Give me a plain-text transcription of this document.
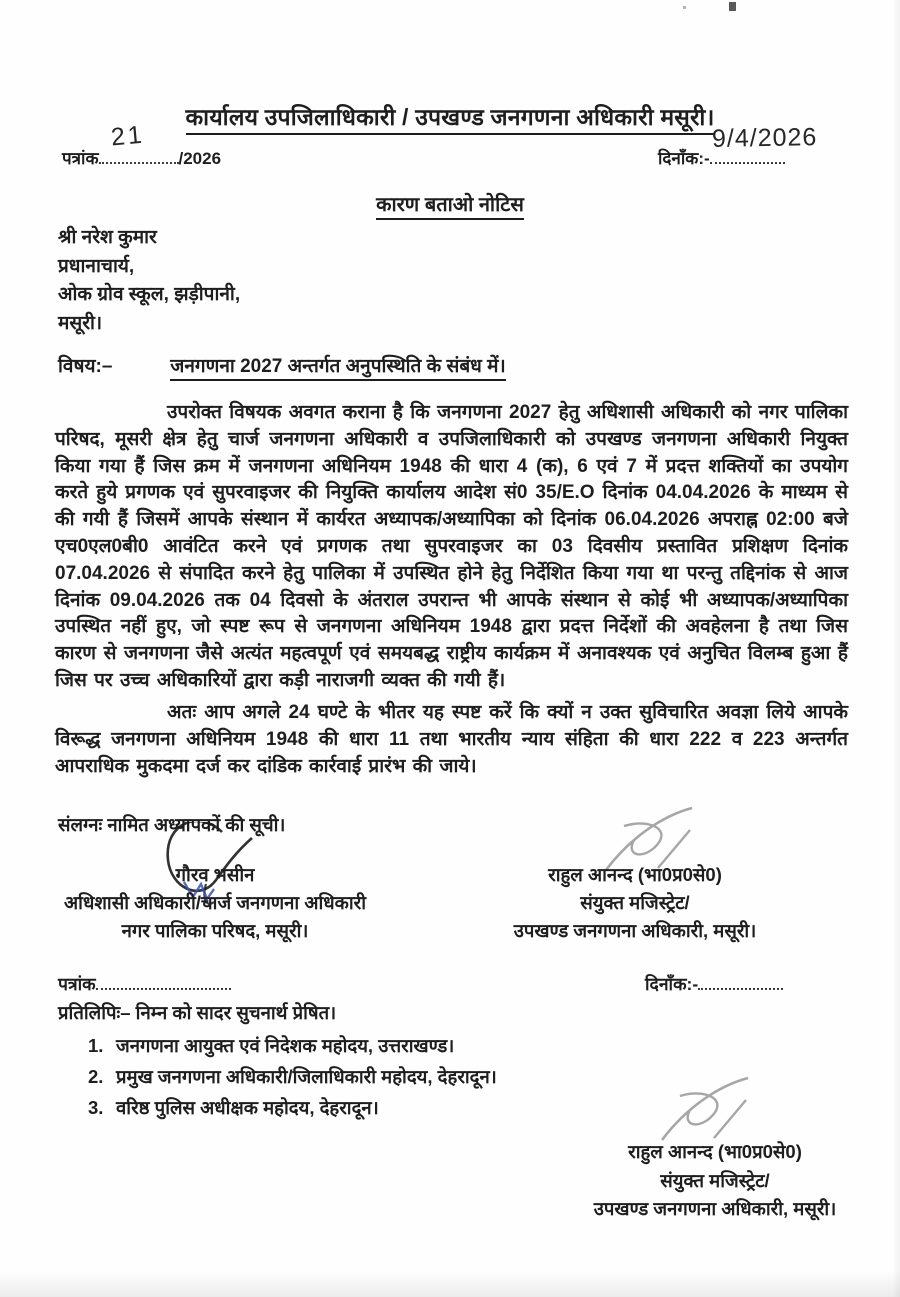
कार्यालय उपजिलाधिकारी / उपखण्ड जनगणना अधिकारी मसूरी।
पत्रांक
21
/2026	दिनाँक:-
9/4/2026
कारण बताओ नोटिस
श्री नरेश कुमार
प्रधानाचार्य,
ओक ग्रोव स्कूल, झड़ीपानी,
मसूरी।
विषय:–	जनगणना 2027 अन्तर्गत अनुपस्थिति के संबंध में।
उपरोक्त विषयक अवगत कराना है कि जनगणना 2027 हेतु अधिशासी अधिकारी को नगर पालिका परिषद, मूसरी क्षेत्र हेतु चार्ज जनगणना अधिकारी व उपजिलाधिकारी को उपखण्ड जनगणना अधिकारी नियुक्त किया गया हैं जिस क्रम में जनगणना अधिनियम 1948 की धारा 4 (क), 6 एवं 7 में प्रदत्त शक्तियों का उपयोग करते हुये प्रगणक एवं सुपरवाइजर की नियुक्ति कार्यालय आदेश सं0 35/E.O दिनांक 04.04.2026 के माध्यम से की गयी हैं जिसमें आपके संस्थान में कार्यरत अध्यापक/अध्यापिका को दिनांक 06.04.2026 अपराह्न 02:00 बजे एच0एल0बी0 आवंटित करने एवं प्रगणक तथा सुपरवाइजर का 03 दिवसीय प्रस्तावित प्रशिक्षण दिनांक 07.04.2026 से संपादित करने हेतु पालिका में उपस्थित होने हेतु निर्देशित किया गया था परन्तु तद्दिनांक से आज दिनांक 09.04.2026 तक 04 दिवसो के अंतराल उपरान्त भी आपके संस्थान से कोई भी अध्यापक/अध्यापिका उपस्थित नहीं हुए, जो स्पष्ट रूप से जनगणना अधिनियम 1948 द्वारा प्रदत्त निर्देशों की अवहेलना है तथा जिस कारण से जनगणना जैसे अत्यंत महत्वपूर्ण एवं समयबद्ध राष्ट्रीय कार्यक्रम में अनावश्यक एवं अनुचित विलम्ब हुआ हैं जिस पर उच्च अधिकारियों द्वारा कड़ी नाराजगी व्यक्त की गयी हैं।
अतः आप अगले 24 घण्टे के भीतर यह स्पष्ट करें कि क्यों न उक्त सुविचारित अवज्ञा लिये आपके विरूद्ध जनगणना अधिनियम 1948 की धारा 11 तथा भारतीय न्याय संहिता की धारा 222 व 223 अन्तर्गत आपराधिक मुकदमा दर्ज कर दांडिक कार्रवाई प्रारंभ की जाये।
संलग्नः नामित अध्यापकों की सूची।
गौरव भसीन
अधिशासी अधिकारी/चार्ज जनगणना अधिकारी
नगर पालिका परिषद, मसूरी।
राहुल आनन्द (भा0प्र0से0)
संयुक्त मजिस्ट्रेट/
उपखण्ड जनगणना अधिकारी, मसूरी।
पत्रांक	दिनाँक:-
प्रतिलिपिः– निम्न को सादर सुचनार्थ प्रेषित।
1. जनगणना आयुक्त एवं निदेशक महोदय, उत्तराखण्ड।
2. प्रमुख जनगणना अधिकारी/जिलाधिकारी महोदय, देहरादून।
3. वरिष्ठ पुलिस अधीक्षक महोदय, देहरादून।
राहुल आनन्द (भा0प्र0से0)
संयुक्त मजिस्ट्रेट/
उपखण्ड जनगणना अधिकारी, मसूरी।
